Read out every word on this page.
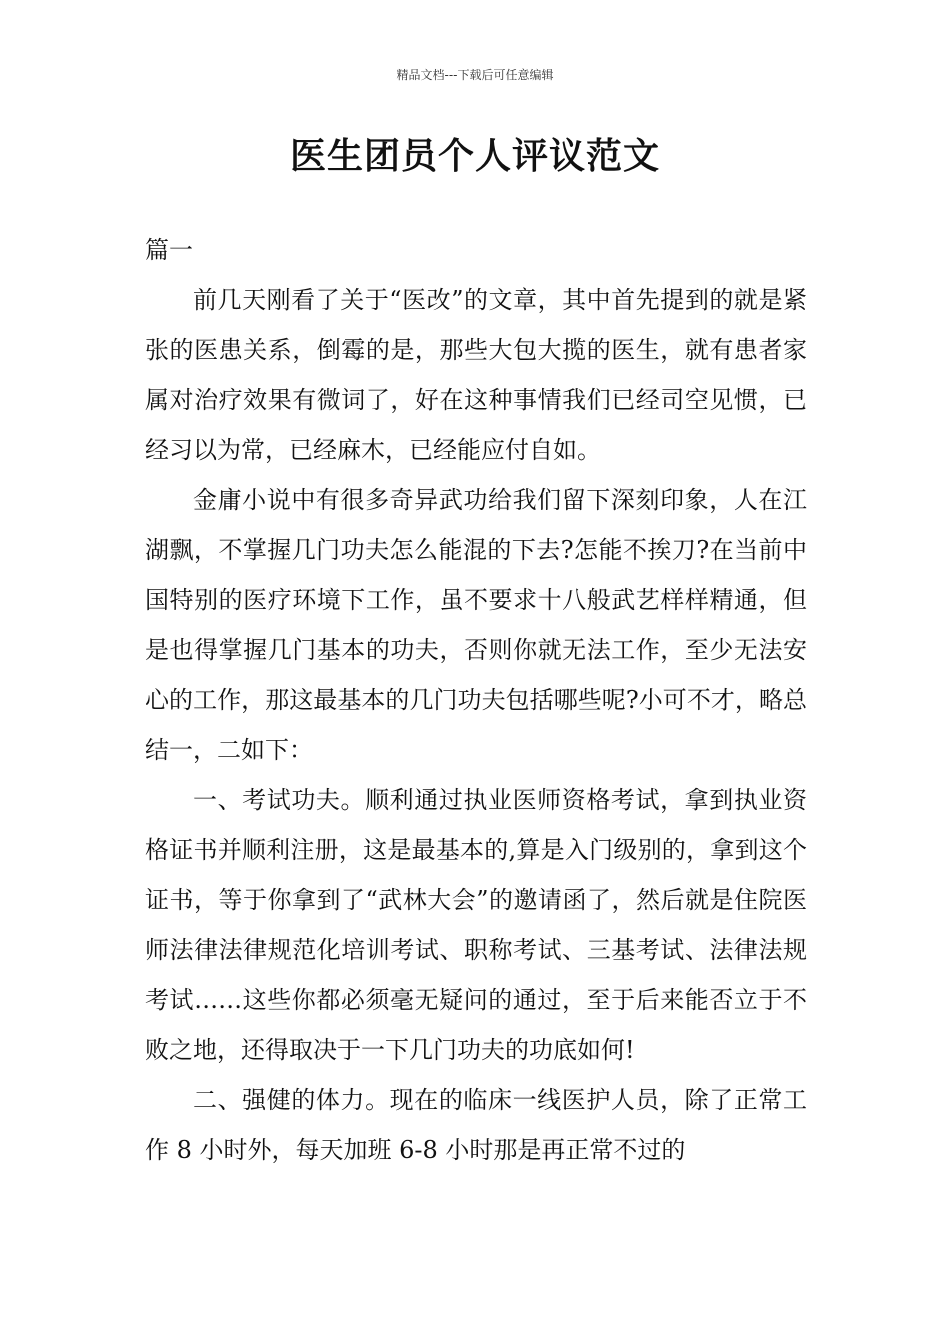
精品文档---下载后可任意编辑
医生团员个人评议范文

篇一

前几天刚看了关于“医改”的文章，其中首先提到的就是紧张的医患关系，倒霉的是，那些大包大揽的医生，就有患者家属对治疗效果有微词了，好在这种事情我们已经司空见惯，已经习以为常，已经麻木，已经能应付自如。

金庸小说中有很多奇异武功给我们留下深刻印象，人在江湖飘，不掌握几门功夫怎么能混的下去?怎能不挨刀?在当前中国特别的医疗环境下工作，虽不要求十八般武艺样样精通，但是也得掌握几门基本的功夫，否则你就无法工作，至少无法安心的工作，那这最基本的几门功夫包括哪些呢?小可不才，略总结一，二如下：

一、考试功夫。顺利通过执业医师资格考试，拿到执业资格证书并顺利注册，这是最基本的,算是入门级别的，拿到这个证书，等于你拿到了“武林大会”的邀请函了，然后就是住院医师法律法律规范化培训考试、职称考试、三基考试、法律法规考试……这些你都必须毫无疑问的通过，至于后来能否立于不败之地，还得取决于一下几门功夫的功底如何!

二、强健的体力。现在的临床一线医护人员，除了正常工作 8 小时外，每天加班 6-8 小时那是再正常不过的
